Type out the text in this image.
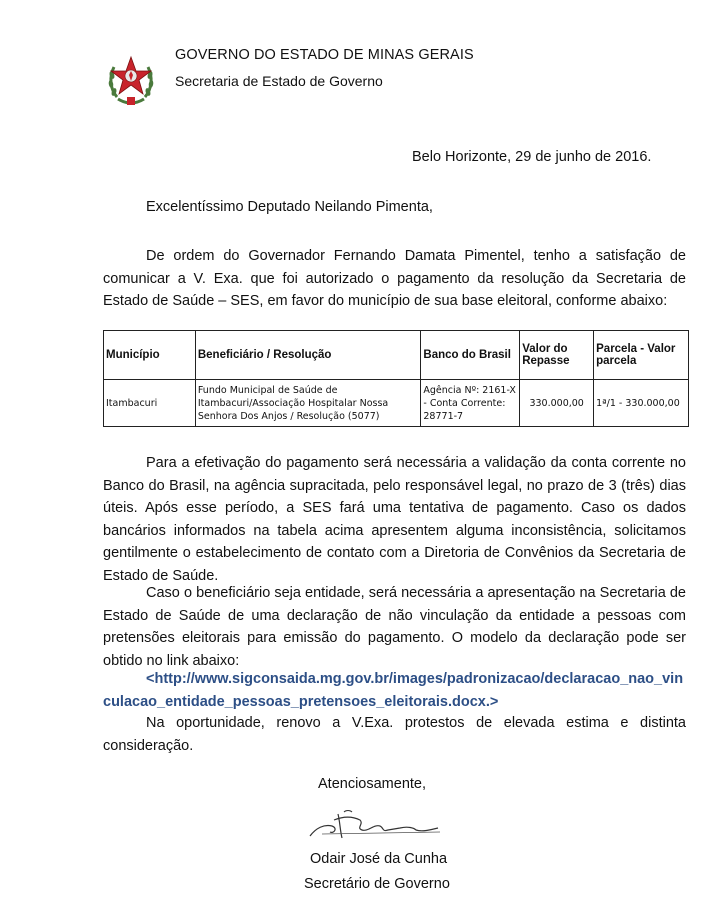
GOVERNO DO ESTADO DE MINAS GERAIS
Secretaria de Estado de Governo
Belo Horizonte, 29 de junho de 2016.
Excelentíssimo Deputado Neilando Pimenta,

De ordem do Governador Fernando Damata Pimentel, tenho a satisfação de comunicar a V. Exa. que foi autorizado o pagamento da resolução da Secretaria de Estado de Saúde – SES, em favor do município de sua base eleitoral, conforme abaixo:

Município	Beneficiário / Resolução	Banco do Brasil	Valor do Repasse	Parcela - Valor parcela
Itambacuri	Fundo Municipal de Saúde de Itambacuri/Associação Hospitalar Nossa Senhora Dos Anjos / Resolução (5077)	Agência Nº: 2161-X - Conta Corrente: 28771-7	330.000,00	1ª/1 - 330.000,00

Para a efetivação do pagamento será necessária a validação da conta corrente no Banco do Brasil, na agência supracitada, pelo responsável legal, no prazo de 3 (três) dias úteis. Após esse período, a SES fará uma tentativa de pagamento. Caso os dados bancários informados na tabela acima apresentem alguma inconsistência, solicitamos gentilmente o estabelecimento de contato com a Diretoria de Convênios da Secretaria de Estado de Saúde.

Caso o beneficiário seja entidade, será necessária a apresentação na Secretaria de Estado de Saúde de uma declaração de não vinculação da entidade a pessoas com pretensões eleitorais para emissão do pagamento. O modelo da declaração pode ser obtido no link abaixo:

<http://www.sigconsaida.mg.gov.br/images/padronizacao/declaracao_nao_vinculacao_entidade_pessoas_pretensoes_eleitorais.docx.>

Na oportunidade, renovo a V.Exa. protestos de elevada estima e distinta consideração.

Atenciosamente,
Odair José da Cunha
Secretário de Governo
